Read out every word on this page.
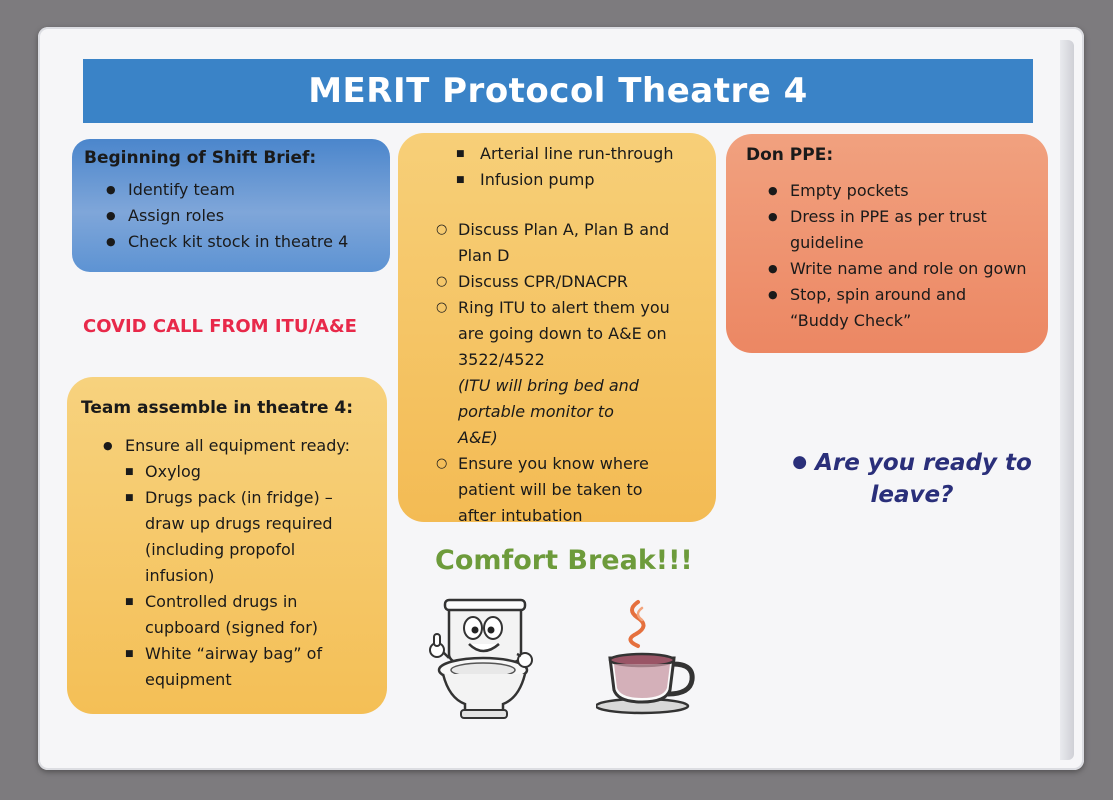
MERIT Protocol Theatre 4
Beginning of Shift Brief:
● Identify team
● Assign roles
● Check kit stock in theatre 4
COVID CALL FROM ITU/A&E
Team assemble in theatre 4:
● Ensure all equipment ready:
■ Oxylog
■ Drugs pack (in fridge) – draw up drugs required (including propofol infusion)
■ Controlled drugs in cupboard (signed for)
■ White “airway bag” of equipment
■ Arterial line run-through
■ Infusion pump
○ Discuss Plan A, Plan B and Plan D
○ Discuss CPR/DNACPR
○ Ring ITU to alert them you are going down to A&E on 3522/4522
(ITU will bring bed and portable monitor to A&E)
○ Ensure you know where patient will be taken to after intubation
Don PPE:
● Empty pockets
● Dress in PPE as per trust guideline
● Write name and role on gown
● Stop, spin around and “Buddy Check”
Comfort Break!!!
● Are you ready to leave?
